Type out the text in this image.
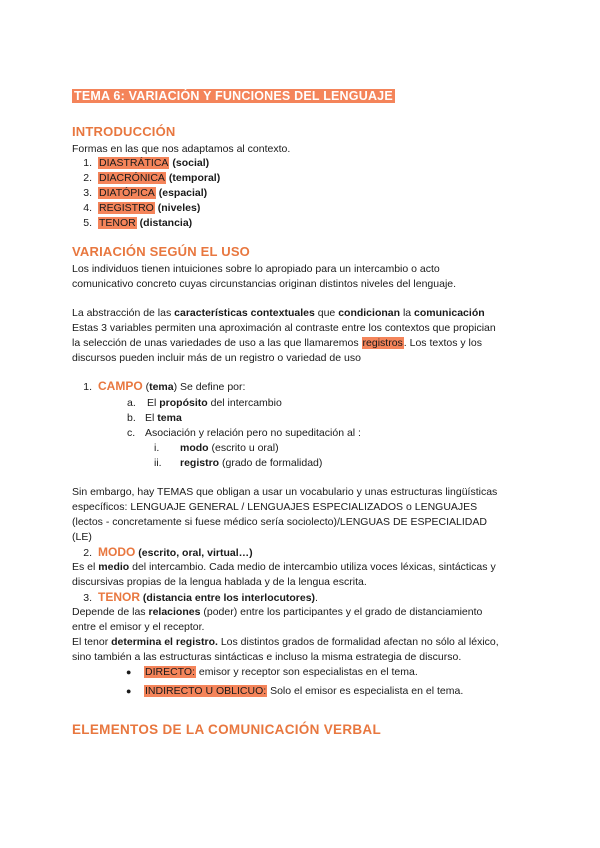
TEMA 6: VARIACIÓN Y FUNCIONES DEL LENGUAJE
INTRODUCCIÓN
Formas en las que nos adaptamos al contexto.
1. DIASTRÁTICA (social)
2. DIACRÓNICA (temporal)
3. DIATÓPICA (espacial)
4. REGISTRO (niveles)
5. TENOR (distancia)
VARIACIÓN SEGÚN EL USO
Los individuos tienen intuiciones sobre lo apropiado para un intercambio o acto
comunicativo concreto cuyas circunstancias originan distintos niveles del lenguaje.
La abstracción de las características contextuales que condicionan la comunicación
Estas 3 variables permiten una aproximación al contraste entre los contextos que propician
la selección de unas variedades de uso a las que llamaremos registros. Los textos y los
discursos pueden incluir más de un registro o variedad de uso
1. CAMPO (tema) Se define por:
a. El propósito del intercambio
b. El tema
c. Asociación y relación pero no supeditación al :
i. modo (escrito u oral)
ii. registro (grado de formalidad)
Sin embargo, hay TEMAS que obligan a usar un vocabulario y unas estructuras lingüísticas
específicos: LENGUAJE GENERAL / LENGUAJES ESPECIALIZADOS o LENGUAJES
(lectos - concretamente si fuese médico sería sociolecto)/LENGUAS DE ESPECIALIDAD
(LE)
2. MODO (escrito, oral, virtual…)
Es el medio del intercambio. Cada medio de intercambio utiliza voces léxicas, sintácticas y
discursivas propias de la lengua hablada y de la lengua escrita.
3. TENOR (distancia entre los interlocutores).
Depende de las relaciones (poder) entre los participantes y el grado de distanciamiento
entre el emisor y el receptor.
El tenor determina el registro. Los distintos grados de formalidad afectan no sólo al léxico,
sino también a las estructuras sintácticas e incluso la misma estrategia de discurso.
● DIRECTO: emisor y receptor son especialistas en el tema.
● INDIRECTO U OBLICUO: Solo el emisor es especialista en el tema.
ELEMENTOS DE LA COMUNICACIÓN VERBAL
